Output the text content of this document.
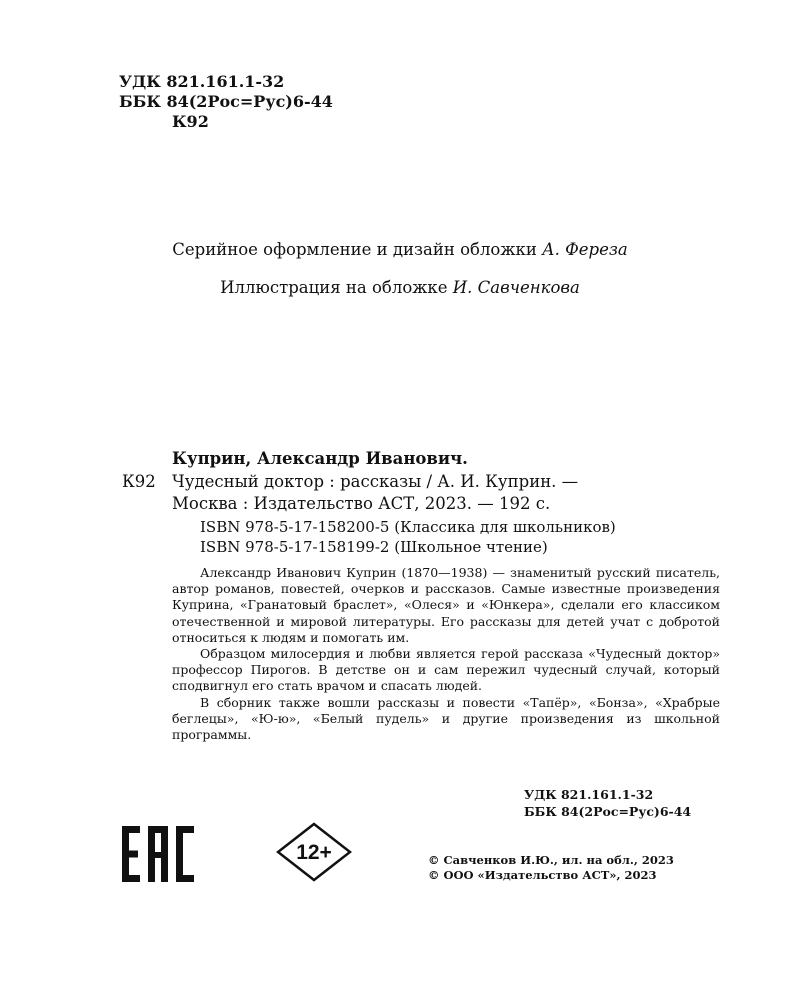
УДК 821.161.1-32
ББК 84(2Рос=Рус)6-44
К92
Серийное оформление и дизайн обложки А. Фереза
Иллюстрация на обложке И. Савченкова
Куприн, Александр Иванович.
К92 Чудесный доктор : рассказы / А. И. Куприн. —
Москва : Издательство АСТ, 2023. — 192 с.
ISBN 978-5-17-158200-5 (Классика для школьников)
ISBN 978-5-17-158199-2 (Школьное чтение)

Александр Иванович Куприн (1870—1938) — знаменитый русский писатель, автор романов, повестей, очерков и рассказов. Самые известные произведения Куприна, «Гранатовый браслет», «Олеся» и «Юнкера», сделали его классиком отечественной и мировой литературы. Его рассказы для детей учат с добротой относиться к людям и помогать им.

Образцом милосердия и любви является герой рассказа «Чудесный доктор» профессор Пирогов. В детстве он и сам пережил чудесный случай, который сподвигнул его стать врачом и спасать людей.

В сборник также вошли рассказы и повести «Тапёр», «Бонза», «Храбрые беглецы», «Ю-ю», «Белый пудель» и другие произведения из школьной программы.

УДК 821.161.1-32
ББК 84(2Рос=Рус)6-44
12+	© Савченков И.Ю., ил. на обл., 2023
© ООО «Издательство АСТ», 2023
